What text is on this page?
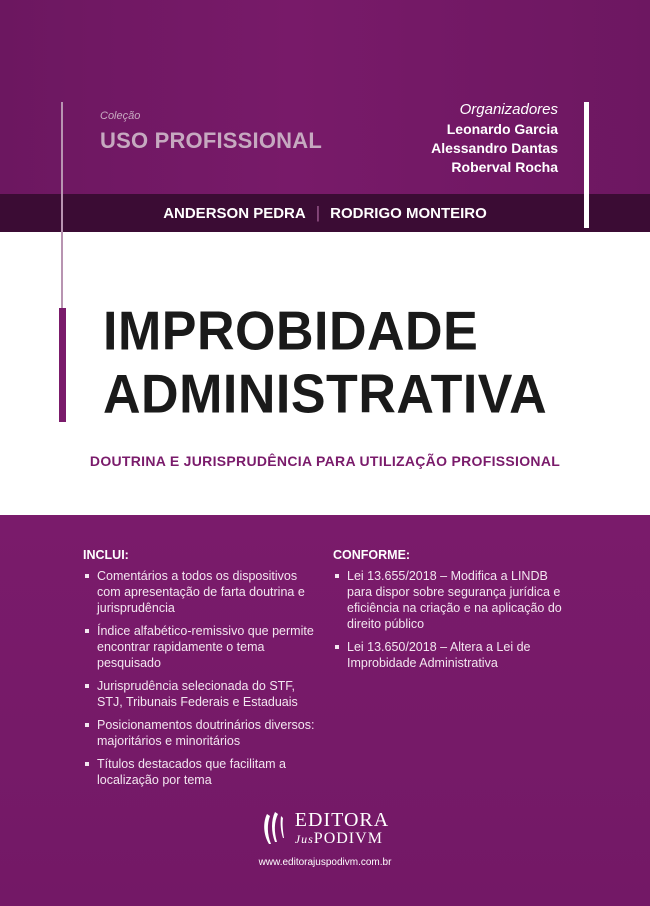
Coleção
USO PROFISSIONAL
Organizadores
Leonardo Garcia
Alessandro Dantas
Roberval Rocha
ANDERSON PEDRA | RODRIGO MONTEIRO
IMPROBIDADE
ADMINISTRATIVA
DOUTRINA E JURISPRUDÊNCIA PARA UTILIZAÇÃO PROFISSIONAL
INCLUI:
Comentários a todos os dispositivos com apresentação de farta doutrina e jurisprudência
Índice alfabético-remissivo que permite encontrar rapidamente o tema pesquisado
Jurisprudência selecionada do STF, STJ, Tribunais Federais e Estaduais
Posicionamentos doutrinários diversos: majoritários e minoritários
Títulos destacados que facilitam a localização por tema
CONFORME:
Lei 13.655/2018 – Modifica a LINDB para dispor sobre segurança jurídica e eficiência na criação e na aplicação do direito público
Lei 13.650/2018 – Altera a Lei de Improbidade Administrativa
EDITORA
JusPODIVM
www.editorajuspodivm.com.br
